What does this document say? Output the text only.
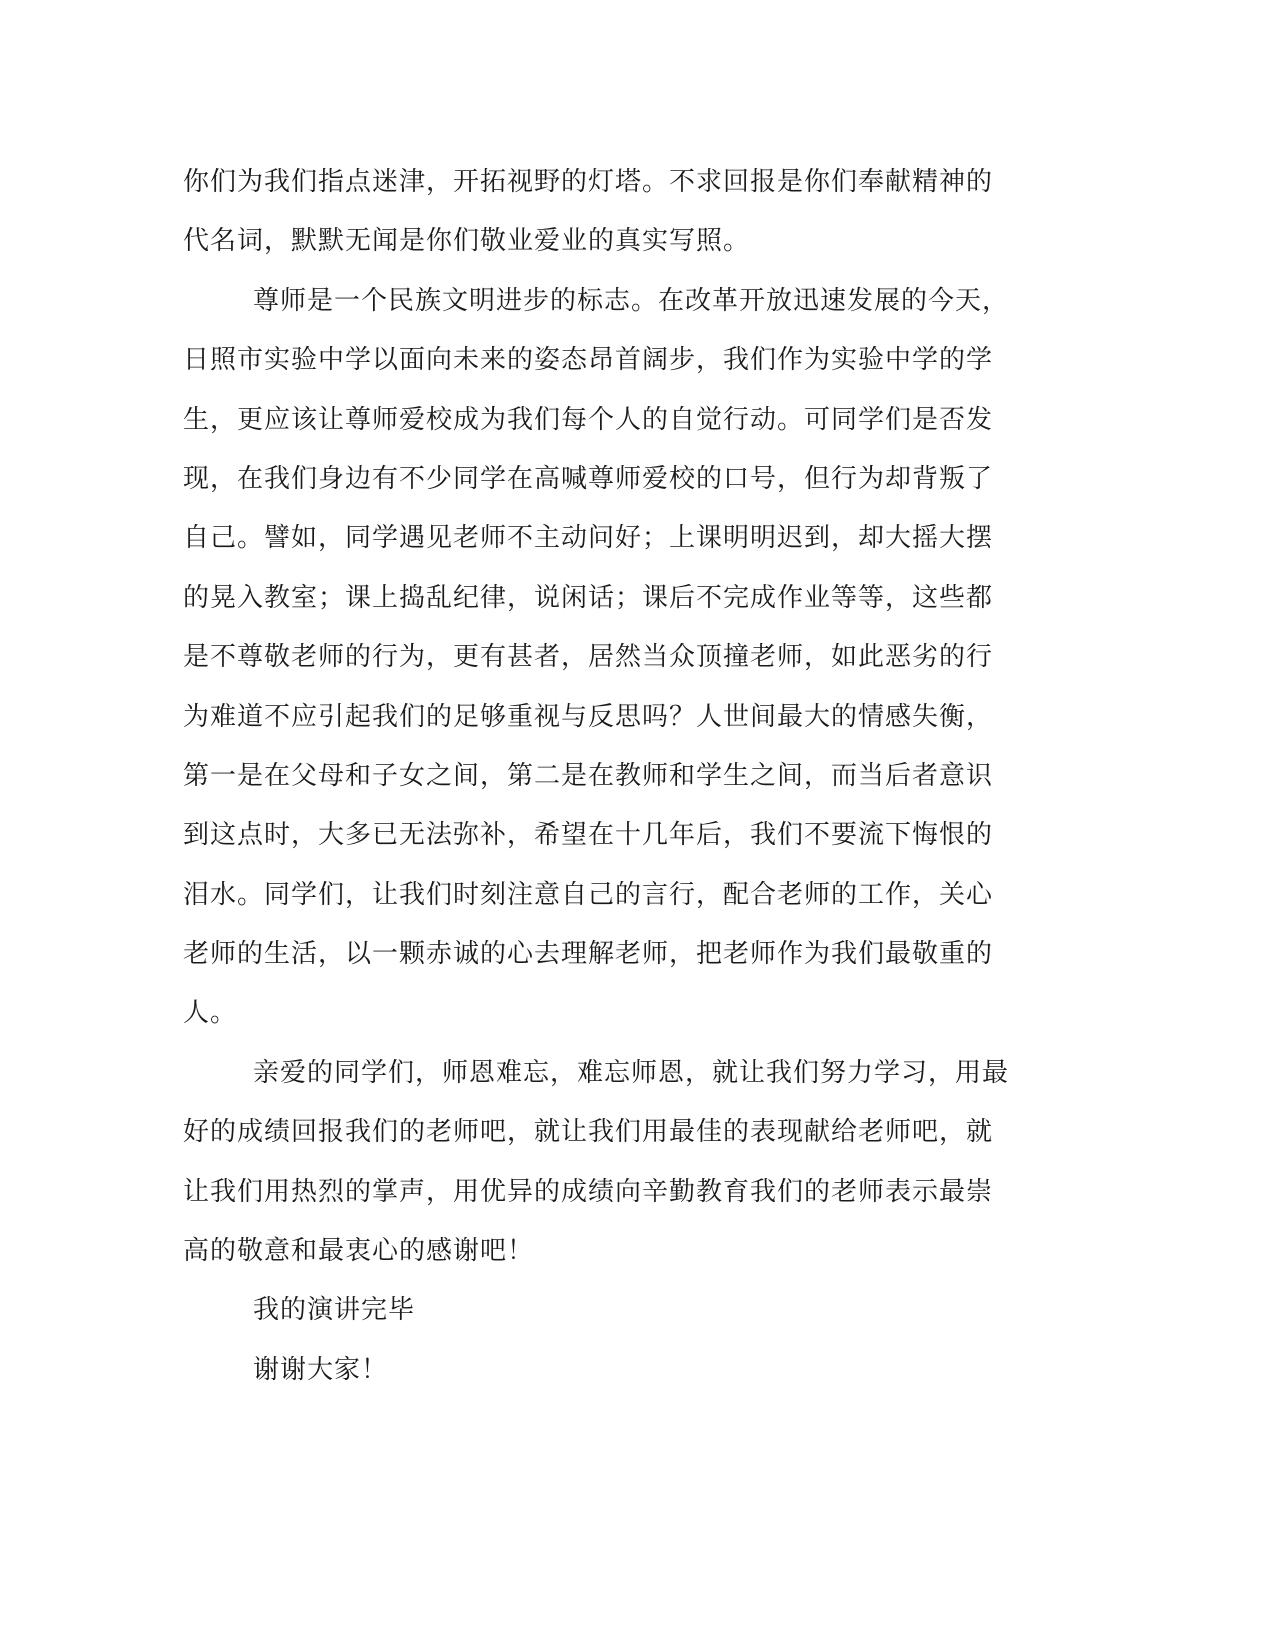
你们为我们指点迷津，开拓视野的灯塔。不求回报是你们奉献精神的
代名词，默默无闻是你们敬业爱业的真实写照。
尊师是一个民族文明进步的标志。在改革开放迅速发展的今天，
日照市实验中学以面向未来的姿态昂首阔步，我们作为实验中学的学
生，更应该让尊师爱校成为我们每个人的自觉行动。可同学们是否发
现，在我们身边有不少同学在高喊尊师爱校的口号，但行为却背叛了
自己。譬如，同学遇见老师不主动问好；上课明明迟到，却大摇大摆
的晃入教室；课上捣乱纪律，说闲话；课后不完成作业等等，这些都
是不尊敬老师的行为，更有甚者，居然当众顶撞老师，如此恶劣的行
为难道不应引起我们的足够重视与反思吗？人世间最大的情感失衡，
第一是在父母和子女之间，第二是在教师和学生之间，而当后者意识
到这点时，大多已无法弥补，希望在十几年后，我们不要流下悔恨的
泪水。同学们，让我们时刻注意自己的言行，配合老师的工作，关心
老师的生活，以一颗赤诚的心去理解老师，把老师作为我们最敬重的
人。
亲爱的同学们，师恩难忘，难忘师恩，就让我们努力学习，用最
好的成绩回报我们的老师吧，就让我们用最佳的表现献给老师吧，就
让我们用热烈的掌声，用优异的成绩向辛勤教育我们的老师表示最崇
高的敬意和最衷心的感谢吧！
我的演讲完毕
谢谢大家！
